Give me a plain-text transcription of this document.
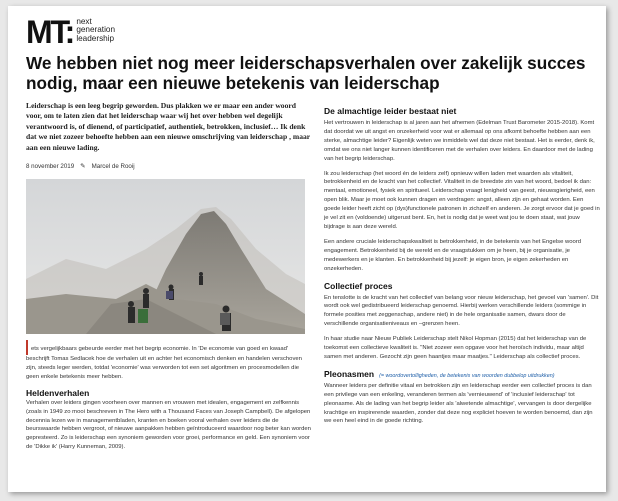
MT: next
generation
leadership
We hebben niet nog meer leiderschapsverhalen over zakelijk succes nodig, maar een nieuwe betekenis van leiderschap

Leiderschap is een leeg begrip geworden. Dus plakken we er maar een ander woord voor, om te laten zien dat het leiderschap waar wij het over hebben wel degelijk verantwoord is, of dienend, of participatief, authentiek, betrokken, inclusief… Ik denk dat we niet zozeer behoefte hebben aan een nieuwe omschrijving van leiderschap , maar aan een nieuwe lading.

8 november 2019 ✎ Marcel de Rooij

ets vergelijkbaars gebeurde eerder met het begrip economie. In 'De economie van goed en kwaad' beschrijft Tomas Sedlacek hoe de verhalen uit en achter het economisch denken en handelen verschoven zijn, steeds leger werden, totdat 'economie' was verworden tot een set algoritmen en procesmodellen die geen enkele betekenis meer hebben.

Heldenverhalen

Verhalen over leiders gingen voorheen over mannen en vrouwen met idealen, engagement en zelfkennis (zoals in 1949 zo mooi beschreven in The Hero with a Thousand Faces van Joseph Campbell). De afgelopen decennia lezen we in managementbladen, kranten en boeken vooral verhalen over leiders die de beurswaarde hebben vergroot, of nieuwe aanpakken hebben geïntroduceerd waardoor nog beter kan worden gepresteerd. Zo is leiderschap een synoniem geworden voor groei, performance en geld. Een synoniem voor de 'Dikke ik' (Harry Kunneman, 2009).

De almachtige leider bestaat niet

Het vertrouwen in leiderschap is al jaren aan het afnemen (Edelman Trust Barometer 2015-2018). Komt dat doordat we uit angst en onzekerheid voor wat er allemaal op ons afkomt behoefte hebben aan een sterke, almachtige leider? Eigenlijk weten we inmiddels wel dat deze niet bestaat. Het is eerder, denk ik, omdat we ons niet langer kunnen identificeren met de verhalen over leiders. En daardoor met de lading van het begrip leiderschap.

Ik zou leiderschap (het woord én de leiders zelf) opnieuw willen laden met waarden als vitaliteit, betrokkenheid en de kracht van het collectief. Vitaliteit in de breedste zin van het woord, bedoel ik dan: mentaal, emotioneel, fysiek en spiritueel. Leiderschap vraagt lenigheid van geest, nieuwsgierigheid, een open blik. Maar je moet ook kunnen dragen en verdragen: angst, alleen zijn en gehaat worden. Een goede leider heeft zicht op (dys)functionele patronen in zichzelf en anderen. Je zorgt ervoor dat je goed in je vel zit en (voldoende) uitgerust bent. En, het is nodig dat je weet wat jou te doen staat, wat jouw bijdrage is aan deze wereld.

Een andere cruciale leiderschapskwaliteit is betrokkenheid, in de betekenis van het Engelse woord engagement. Betrokkenheid bij de wereld en de vraagstukken om je heen, bij je organisatie, je medewerkers en je klanten. En betrokkenheid bij jezelf: je eigen bron, je eigen zekerheden en onzekerheden.

Collectief proces

En tenslotte is de kracht van het collectief van belang voor nieuw leiderschap, het gevoel van 'samen'. Dit wordt ook wel gedistribueerd leiderschap genoemd. Hierbij werken verschillende leiders (sommige in formele posities met zeggenschap, andere niet) in de hele organisatie samen, dwars door de verschillende organisatieniveaus en –grenzen heen.

In haar studie naar Nieuw Publiek Leiderschap stelt Nikol Hopman (2015) dat het leiderschap van de toekomst een collectieve kwaliteit is. "Niet zozeer een opgave voor het heroïsch individu, maar altijd samen met anderen. Gezocht zijn geen haantjes maar maatjes." Leiderschap als collectief proces.

Pleonasmen (= woordovertolligheden, de betekenis van woorden dubbelop uitdrukken)

Wanneer leiders per definitie vitaal en betrokken zijn en leiderschap eerder een collectief proces is dan een privilege van een enkeling, veranderen termen als 'vernieuwend' of 'inclusief leiderschap' tot pleonasme. Als de lading van het begrip leider als 'alwetende almachtige', vervangen is door dergelijke krachtige en inspirerende waarden, zonder dat deze nog expliciet hoeven te worden benoemd, dan zijn we een heel eind in de goede richting.
